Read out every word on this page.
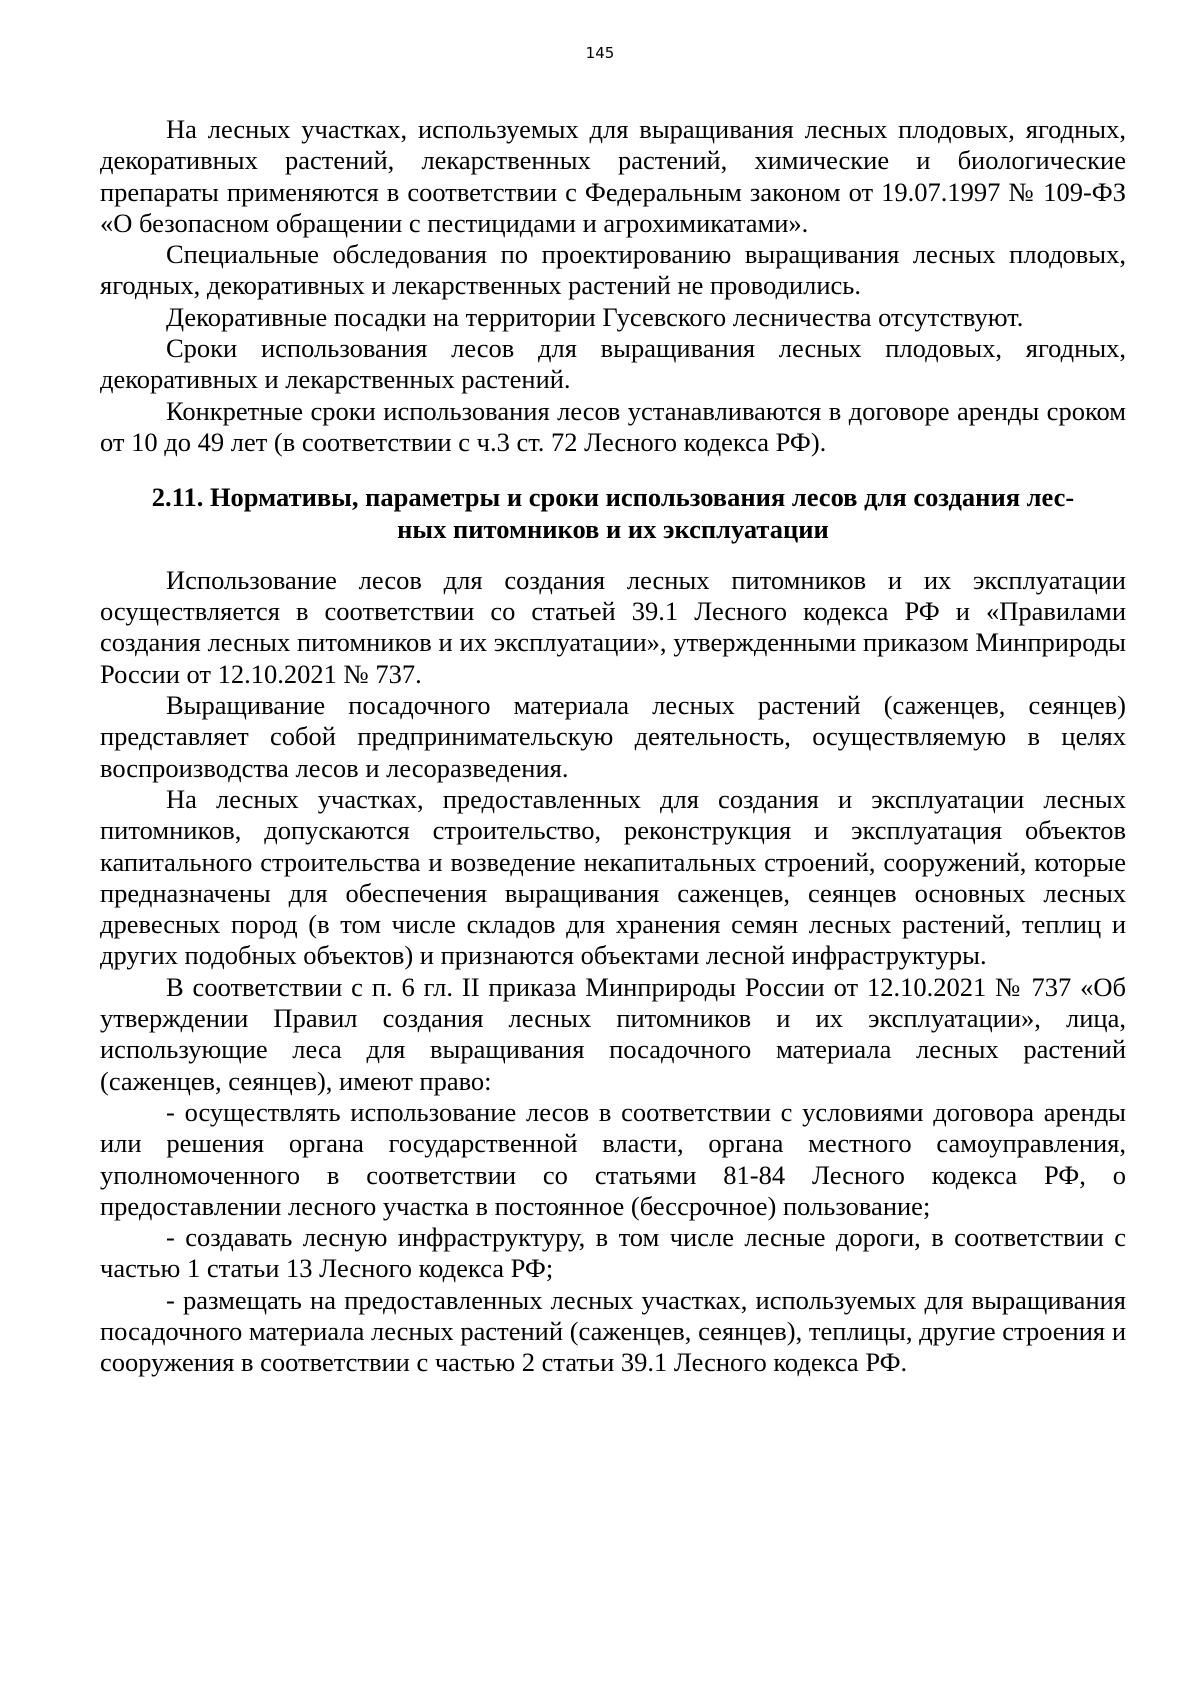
145

На лесных участках, используемых для выращивания лесных плодовых, ягодных, декоративных растений, лекарственных растений, химические и биологические препараты применяются в соответствии с Федеральным законом от 19.07.1997 № 109-ФЗ «О безопасном обращении с пестицидами и агрохимикатами».

Специальные обследования по проектированию выращивания лесных плодовых, ягодных, декоративных и лекарственных растений не проводились.

Декоративные посадки на территории Гусевского лесничества отсутствуют.

Сроки использования лесов для выращивания лесных плодовых, ягодных, декоративных и лекарственных растений.

Конкретные сроки использования лесов устанавливаются в договоре аренды сроком от 10 до 49 лет (в соответствии с ч.3 ст. 72 Лесного кодекса РФ).

2.11. Нормативы, параметры и сроки использования лесов для создания лес-
ных питомников и их эксплуатации

Использование лесов для создания лесных питомников и их эксплуатации осуществляется в соответствии со статьей 39.1 Лесного кодекса РФ и «Правилами создания лесных питомников и их эксплуатации», утвержденными приказом Минприроды России от 12.10.2021 № 737.

Выращивание посадочного материала лесных растений (саженцев, сеянцев) представляет собой предпринимательскую деятельность, осуществляемую в целях воспроизводства лесов и лесоразведения.

На лесных участках, предоставленных для создания и эксплуатации лесных питомников, допускаются строительство, реконструкция и эксплуатация объектов капитального строительства и возведение некапитальных строений, сооружений, которые предназначены для обеспечения выращивания саженцев, сеянцев основных лесных древесных пород (в том числе складов для хранения семян лесных растений, теплиц и других подобных объектов) и признаются объектами лесной инфраструктуры.

В соответствии с п. 6 гл. II приказа Минприроды России от 12.10.2021 № 737 «Об утверждении Правил создания лесных питомников и их эксплуатации», лица, использующие леса для выращивания посадочного материала лесных растений (саженцев, сеянцев), имеют право:

- осуществлять использование лесов в соответствии с условиями договора аренды или решения органа государственной власти, органа местного самоуправления, уполномоченного в соответствии со статьями 81-84 Лесного кодекса РФ, о предоставлении лесного участка в постоянное (бессрочное) пользование;

- создавать лесную инфраструктуру, в том числе лесные дороги, в соответствии с частью 1 статьи 13 Лесного кодекса РФ;

- размещать на предоставленных лесных участках, используемых для выращивания посадочного материала лесных растений (саженцев, сеянцев), теплицы, другие строения и сооружения в соответствии с частью 2 статьи 39.1 Лесного кодекса РФ.
